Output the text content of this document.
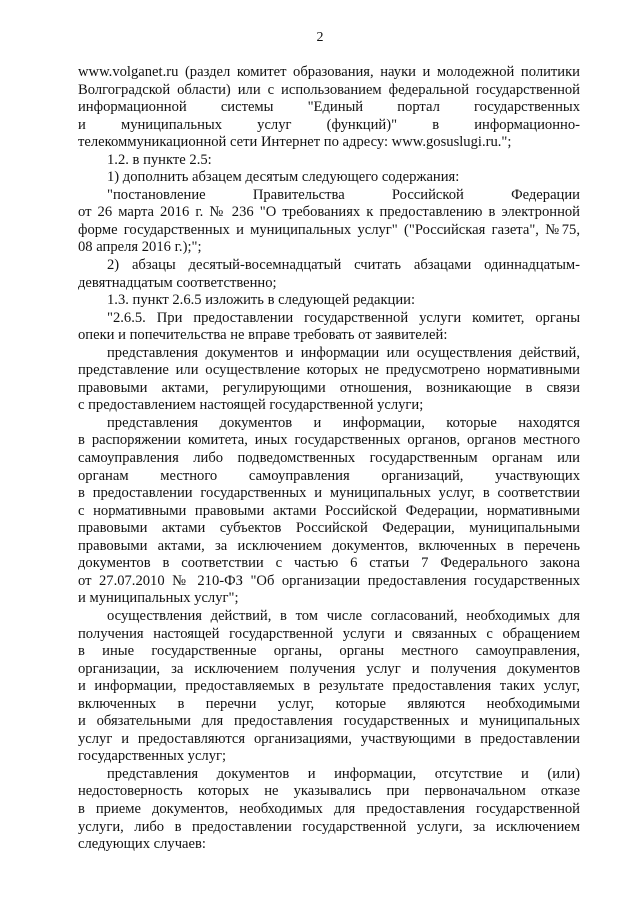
2
www.volganet.ru (раздел комитет образования, науки и молодежной политики
Волгоградской области) или с использованием федеральной государственной
информационной системы "Единый портал государственных
и муниципальных услуг (функций)" в информационно-
телекоммуникационной сети Интернет по адресу: www.gosuslugi.ru.";
1.2. в пункте 2.5:
1) дополнить абзацем десятым следующего содержания:
"постановление Правительства Российской Федерации
от 26 марта 2016 г. № 236 "О требованиях к предоставлению в электронной
форме государственных и муниципальных услуг" ("Российская газета", №75,
08 апреля 2016 г.);";
2) абзацы десятый-восемнадцатый считать абзацами одиннадцатым-
девятнадцатым соответственно;
1.3. пункт 2.6.5 изложить в следующей редакции:
"2.6.5. При предоставлении государственной услуги комитет, органы
опеки и попечительства не вправе требовать от заявителей:
представления документов и информации или осуществления действий,
представление или осуществление которых не предусмотрено нормативными
правовыми актами, регулирующими отношения, возникающие в связи
с предоставлением настоящей государственной услуги;
представления документов и информации, которые находятся
в распоряжении комитета, иных государственных органов, органов местного
самоуправления либо подведомственных государственным органам или
органам местного самоуправления организаций, участвующих
в предоставлении государственных и муниципальных услуг, в соответствии
с нормативными правовыми актами Российской Федерации, нормативными
правовыми актами субъектов Российской Федерации, муниципальными
правовыми актами, за исключением документов, включенных в перечень
документов в соответствии с частью 6 статьи 7 Федерального закона
от 27.07.2010 № 210-ФЗ "Об организации предоставления государственных
и муниципальных услуг";
осуществления действий, в том числе согласований, необходимых для
получения настоящей государственной услуги и связанных с обращением
в иные государственные органы, органы местного самоуправления,
организации, за исключением получения услуг и получения документов
и информации, предоставляемых в результате предоставления таких услуг,
включенных в перечни услуг, которые являются необходимыми
и обязательными для предоставления государственных и муниципальных
услуг и предоставляются организациями, участвующими в предоставлении
государственных услуг;
представления документов и информации, отсутствие и (или)
недостоверность которых не указывались при первоначальном отказе
в приеме документов, необходимых для предоставления государственной
услуги, либо в предоставлении государственной услуги, за исключением
следующих случаев:
